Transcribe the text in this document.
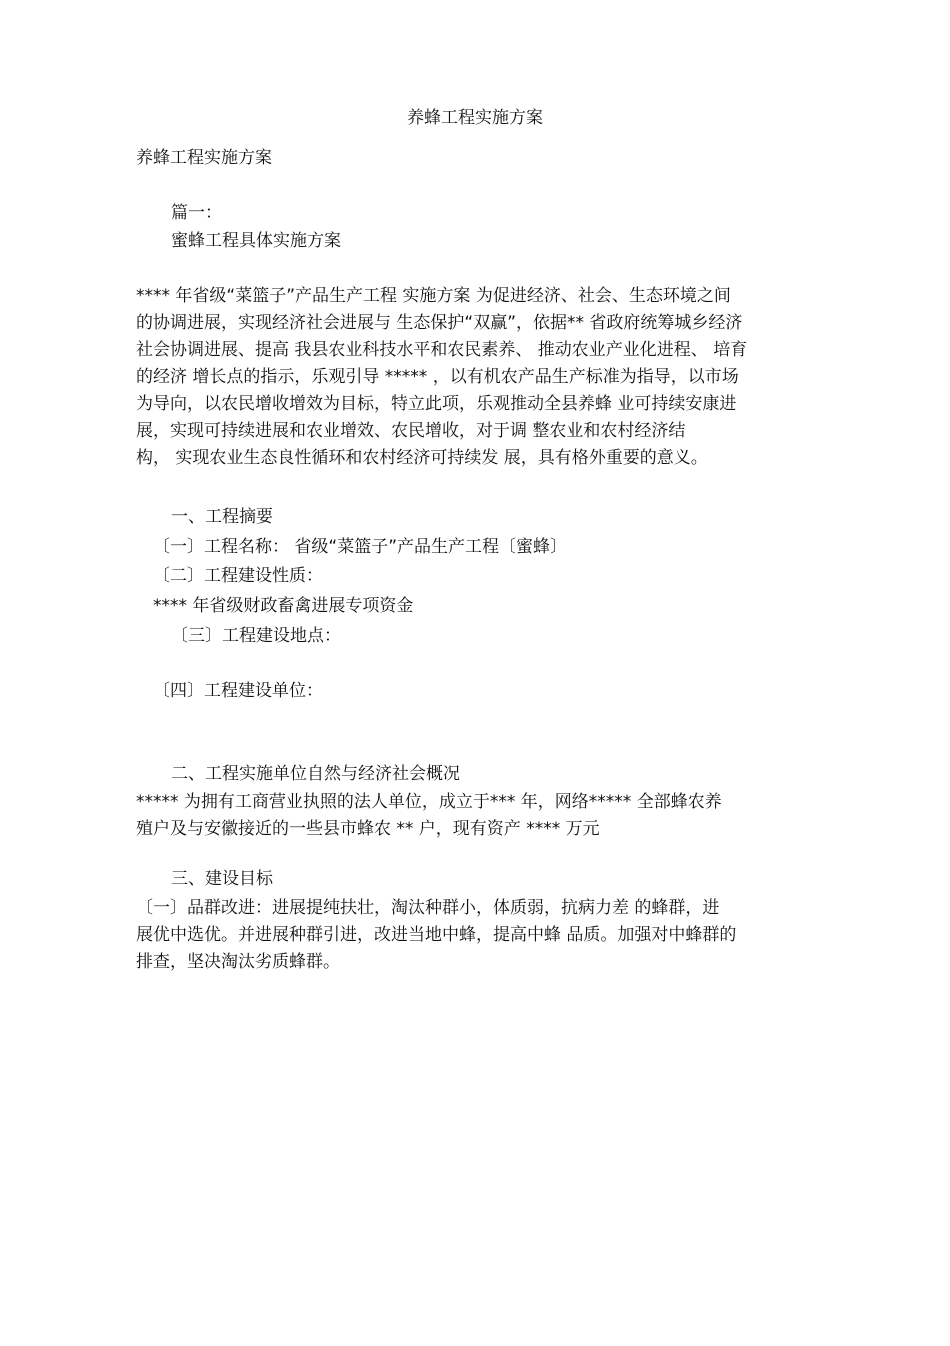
养蜂工程实施方案
养蜂工程实施方案
篇一：
蜜蜂工程具体实施方案
**** 年省级“菜篮子”产品生产工程 实施方案 为促进经济、社会、生态环境之间
的协调进展，实现经济社会进展与 生态保护“双赢”，依据** 省政府统筹城乡经济
社会协调进展、提高 我县农业科技水平和农民素养、 推动农业产业化进程、 培育
的经济 增长点的指示，乐观引导 ***** ，以有机农产品生产标准为指导，以市场
为导向，以农民增收增效为目标，特立此项，乐观推动全县养蜂 业可持续安康进
展，实现可持续进展和农业增效、农民增收，对于调 整农业和农村经济结
构， 实现农业生态良性循环和农村经济可持续发 展，具有格外重要的意义。
一、工程摘要
〔一〕工程名称： 省级“菜篮子”产品生产工程〔蜜蜂〕
〔二〕工程建设性质：
**** 年省级财政畜禽进展专项资金
〔三〕工程建设地点：
〔四〕工程建设单位：
二、工程实施单位自然与经济社会概况
***** 为拥有工商营业执照的法人单位，成立于*** 年，网络***** 全部蜂农养
殖户及与安徽接近的一些县市蜂农 ** 户，现有资产 **** 万元
三、建设目标
〔一〕品群改进：进展提纯扶壮，淘汰种群小，体质弱，抗病力差 的蜂群，进
展优中选优。并进展种群引进，改进当地中蜂，提高中蜂 品质。加强对中蜂群的
排查，坚决淘汰劣质蜂群。
